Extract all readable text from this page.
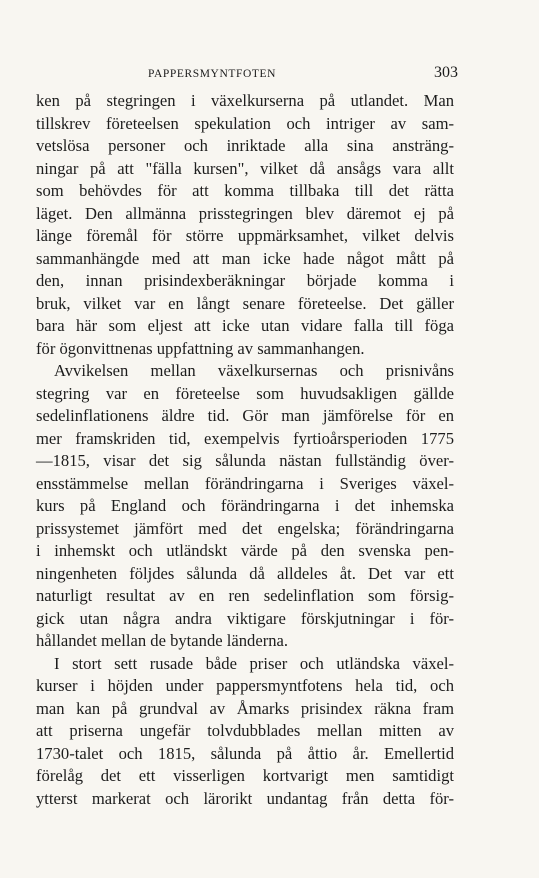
PAPPERSMYNTFOTEN	303
ken på stegringen i växelkurserna på utlandet. Man
tillskrev företeelsen spekulation och intriger av sam-
vetslösa personer och inriktade alla sina ansträng-
ningar på att "fälla kursen", vilket då ansågs vara allt
som behövdes för att komma tillbaka till det rätta
läget. Den allmänna prisstegringen blev däremot ej på
länge föremål för större uppmärksamhet, vilket delvis
sammanhängde med att man icke hade något mått på
den, innan prisindexberäkningar började komma i
bruk, vilket var en långt senare företeelse. Det gäller
bara här som eljest att icke utan vidare falla till föga
för ögonvittnenas uppfattning av sammanhangen.
Avvikelsen mellan växelkursernas och prisnivåns
stegring var en företeelse som huvudsakligen gällde
sedelinflationens äldre tid. Gör man jämförelse för en
mer framskriden tid, exempelvis fyrtioårsperioden 1775
—1815, visar det sig sålunda nästan fullständig över-
ensstämmelse mellan förändringarna i Sveriges växel-
kurs på England och förändringarna i det inhemska
prissystemet jämfört med det engelska; förändringarna
i inhemskt och utländskt värde på den svenska pen-
ningenheten följdes sålunda då alldeles åt. Det var ett
naturligt resultat av en ren sedelinflation som försig-
gick utan några andra viktigare förskjutningar i för-
hållandet mellan de bytande länderna.
I stort sett rusade både priser och utländska växel-
kurser i höjden under pappersmyntfotens hela tid, och
man kan på grundval av Åmarks prisindex räkna fram
att priserna ungefär tolvdubblades mellan mitten av
1730-talet och 1815, sålunda på åttio år. Emellertid
förelåg det ett visserligen kortvarigt men samtidigt
ytterst markerat och lärorikt undantag från detta för-
